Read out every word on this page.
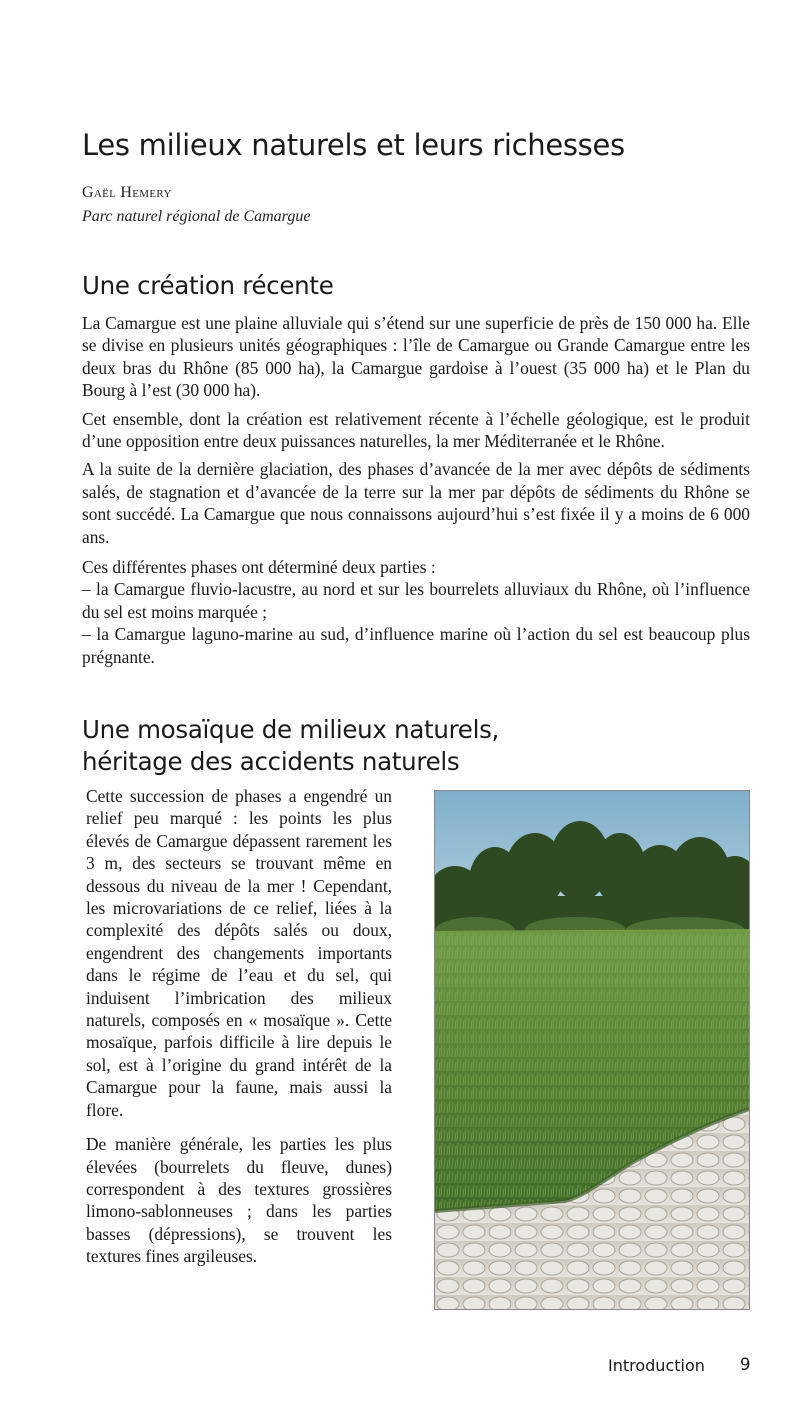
Les milieux naturels et leurs richesses
Gaël Hemery
Parc naturel régional de Camargue
Une création récente

La Camargue est une plaine alluviale qui s’étend sur une superficie de près de 150 000 ha. Elle se divise en plusieurs unités géographiques : l’île de Camargue ou Grande Camargue entre les deux bras du Rhône (85 000 ha), la Camargue gardoise à l’ouest (35 000 ha) et le Plan du Bourg à l’est (30 000 ha).

Cet ensemble, dont la création est relativement récente à l’échelle géologique, est le produit d’une opposition entre deux puissances naturelles, la mer Méditerranée et le Rhône.

A la suite de la dernière glaciation, des phases d’avancée de la mer avec dépôts de sédiments salés, de stagnation et d’avancée de la terre sur la mer par dépôts de sédiments du Rhône se sont succédé. La Camargue que nous connaissons aujourd’hui s’est fixée il y a moins de 6 000 ans.

Ces différentes phases ont déterminé deux parties :
– la Camargue fluvio-lacustre, au nord et sur les bourrelets alluviaux du Rhône, où l’influence du sel est moins marquée ;
– la Camargue laguno-marine au sud, d’influence marine où l’action du sel est beaucoup plus prégnante.

Une mosaïque de milieux naturels,
héritage des accidents naturels

Cette succession de phases a engendré un relief peu marqué : les points les plus élevés de Camargue dépassent rarement les 3 m, des secteurs se trouvant même en dessous du niveau de la mer ! Cependant, les microvariations de ce relief, liées à la complexité des dépôts salés ou doux, engendrent des changements importants dans le régime de l’eau et du sel, qui induisent l’imbrication des milieux naturels, composés en « mosaïque ». Cette mosaïque, parfois difficile à lire depuis le sol, est à l’origine du grand intérêt de la Camargue pour la faune, mais aussi la flore.

De manière générale, les parties les plus élevées (bourrelets du fleuve, dunes) correspondent à des textures grossières limono-sablonneuses ; dans les parties basses (dépressions), se trouvent les textures fines argileuses.

Introduction 9
